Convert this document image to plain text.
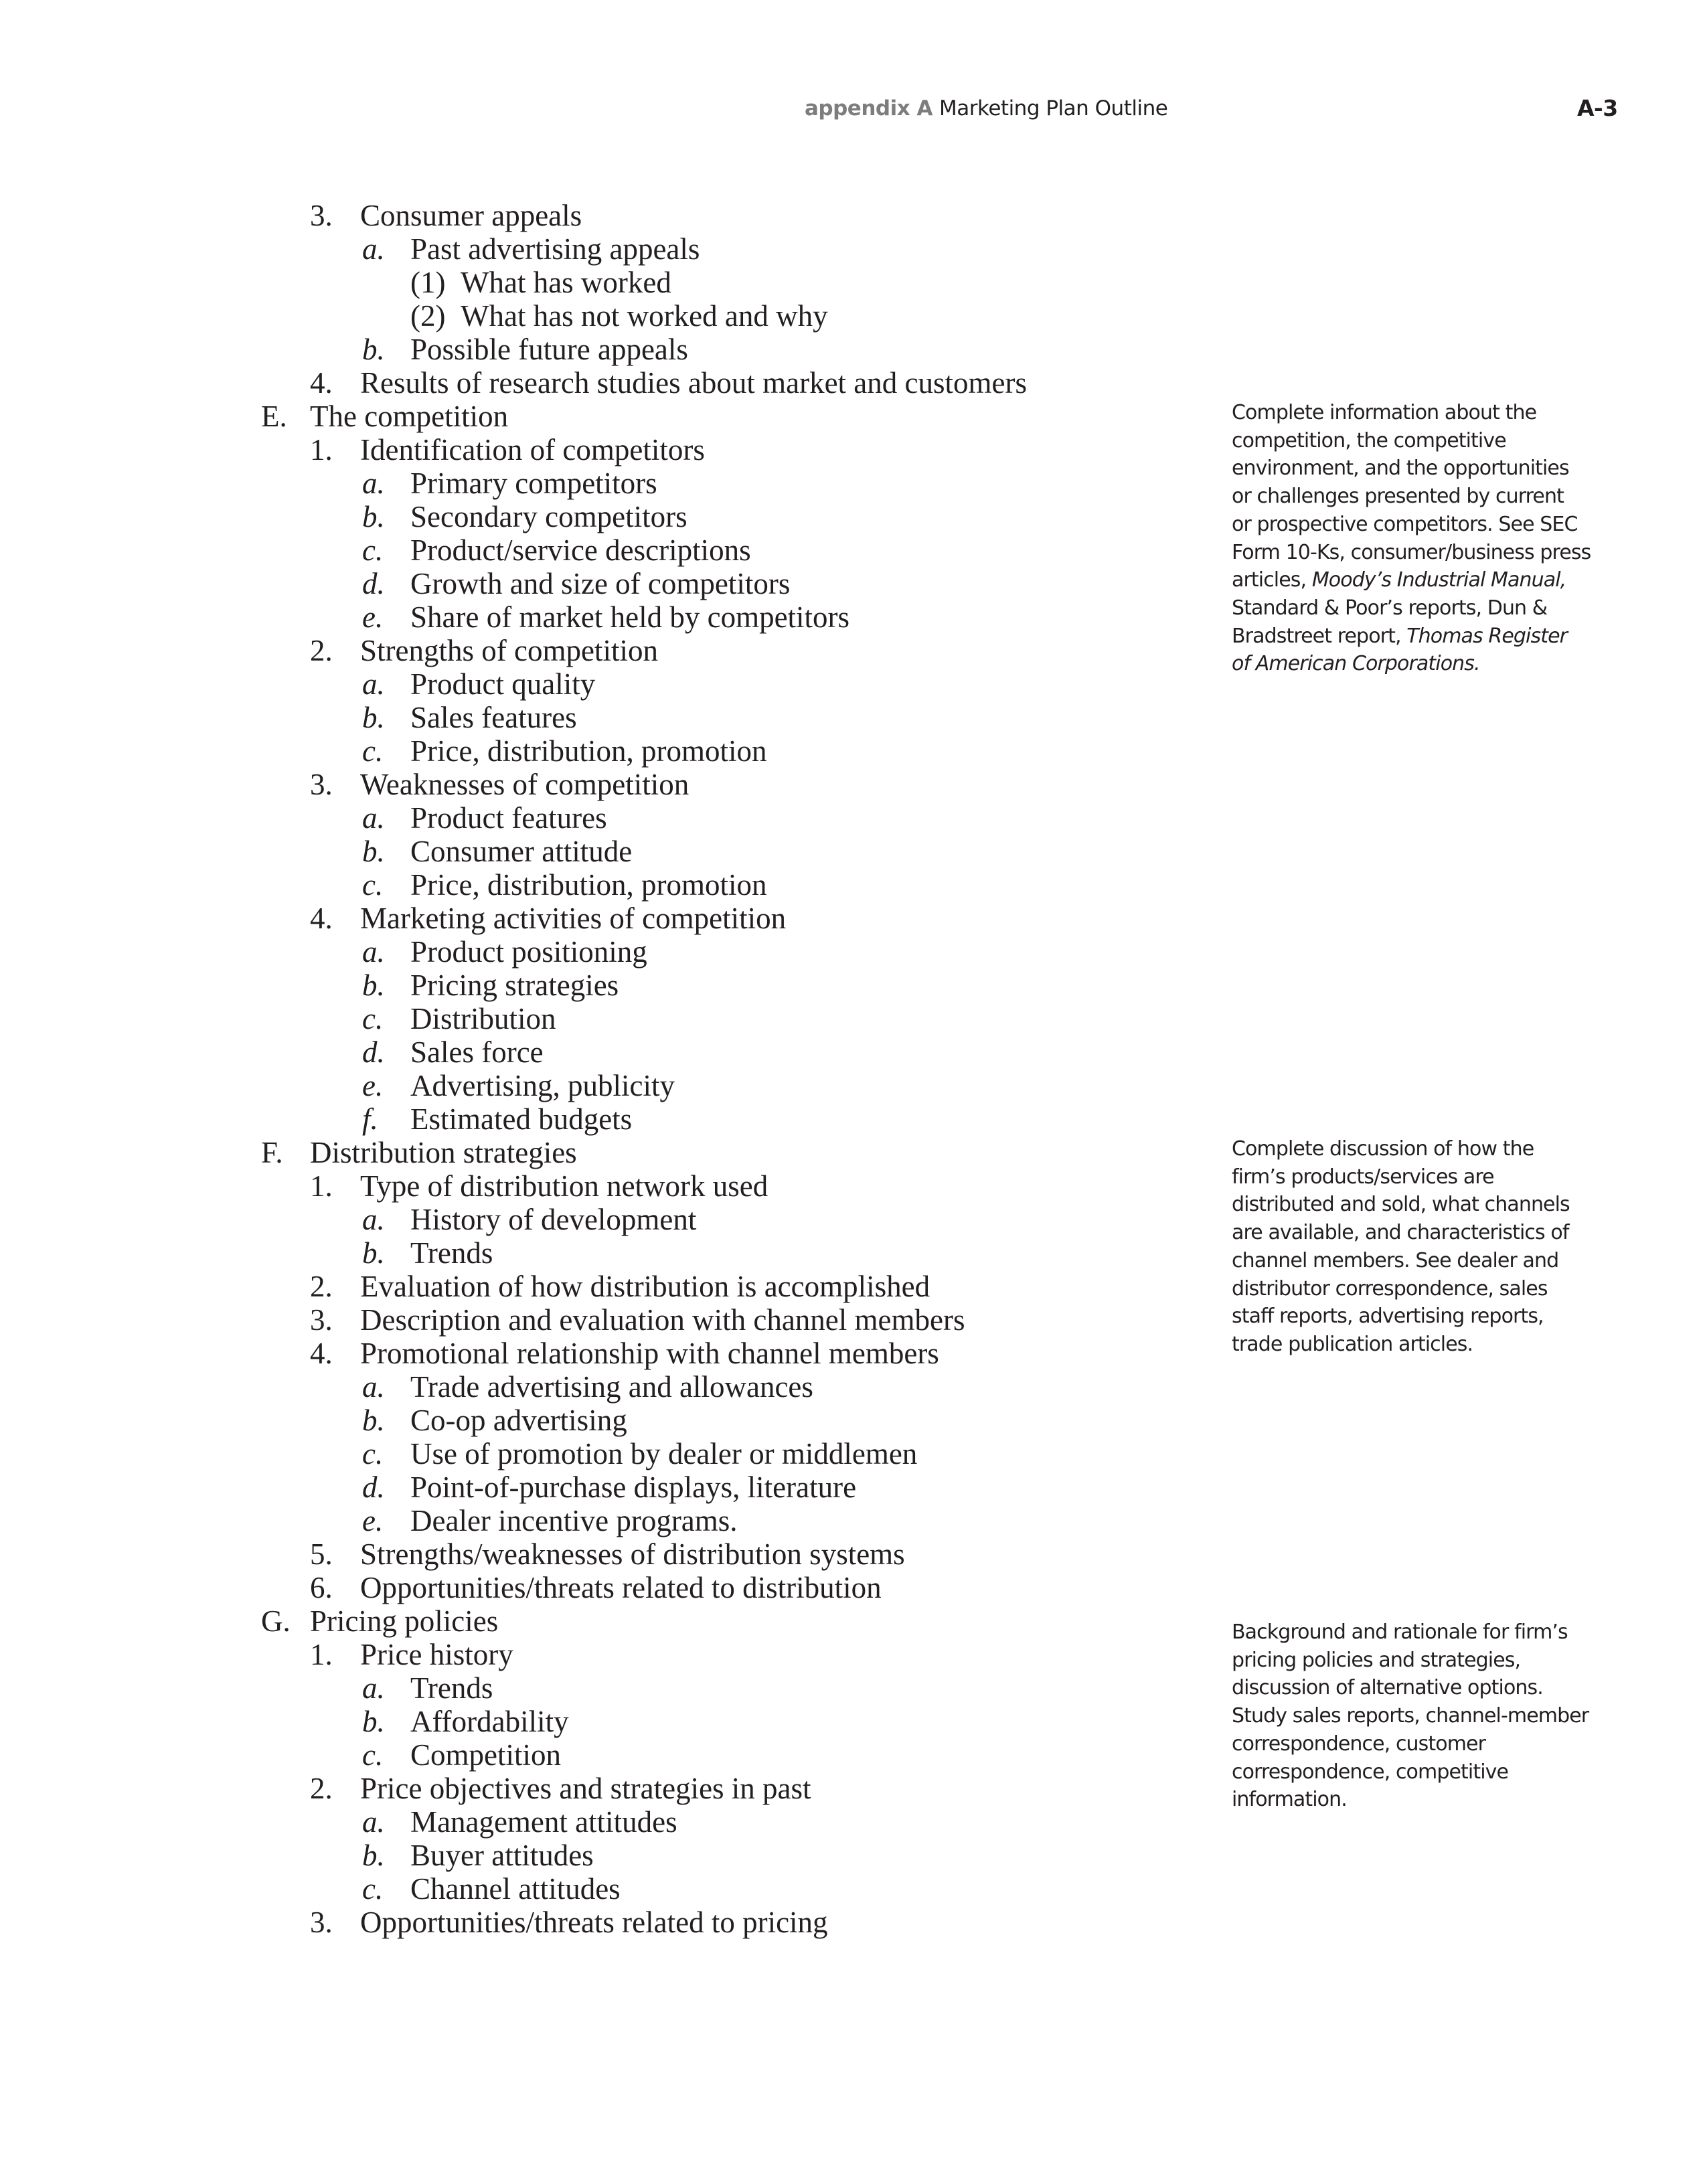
appendix A Marketing Plan Outline	A-3
3. Consumer appeals
a. Past advertising appeals
(1) What has worked
(2) What has not worked and why
b. Possible future appeals
4. Results of research studies about market and customers
E. The competition
1. Identification of competitors
a. Primary competitors
b. Secondary competitors
c. Product/service descriptions
d. Growth and size of competitors
e. Share of market held by competitors
2. Strengths of competition
a. Product quality
b. Sales features
c. Price, distribution, promotion
3. Weaknesses of competition
a. Product features
b. Consumer attitude
c. Price, distribution, promotion
4. Marketing activities of competition
a. Product positioning
b. Pricing strategies
c. Distribution
d. Sales force
e. Advertising, publicity
f. Estimated budgets
F. Distribution strategies
1. Type of distribution network used
a. History of development
b. Trends
2. Evaluation of how distribution is accomplished
3. Description and evaluation with channel members
4. Promotional relationship with channel members
a. Trade advertising and allowances
b. Co-op advertising
c. Use of promotion by dealer or middlemen
d. Point-of-purchase displays, literature
e. Dealer incentive programs.
5. Strengths/weaknesses of distribution systems
6. Opportunities/threats related to distribution
G. Pricing policies
1. Price history
a. Trends
b. Affordability
c. Competition
2. Price objectives and strategies in past
a. Management attitudes
b. Buyer attitudes
c. Channel attitudes
3. Opportunities/threats related to pricing
Complete information about the
competition, the competitive
environment, and the opportunities
or challenges presented by current
or prospective competitors. See SEC
Form 10-Ks, consumer/business press
articles, Moody’s Industrial Manual,
Standard & Poor’s reports, Dun &
Bradstreet report, Thomas Register
of American Corporations.
Complete discussion of how the
firm’s products/services are
distributed and sold, what channels
are available, and characteristics of
channel members. See dealer and
distributor correspondence, sales
staff reports, advertising reports,
trade publication articles.
Background and rationale for firm’s
pricing policies and strategies,
discussion of alternative options.
Study sales reports, channel-member
correspondence, customer
correspondence, competitive
information.
